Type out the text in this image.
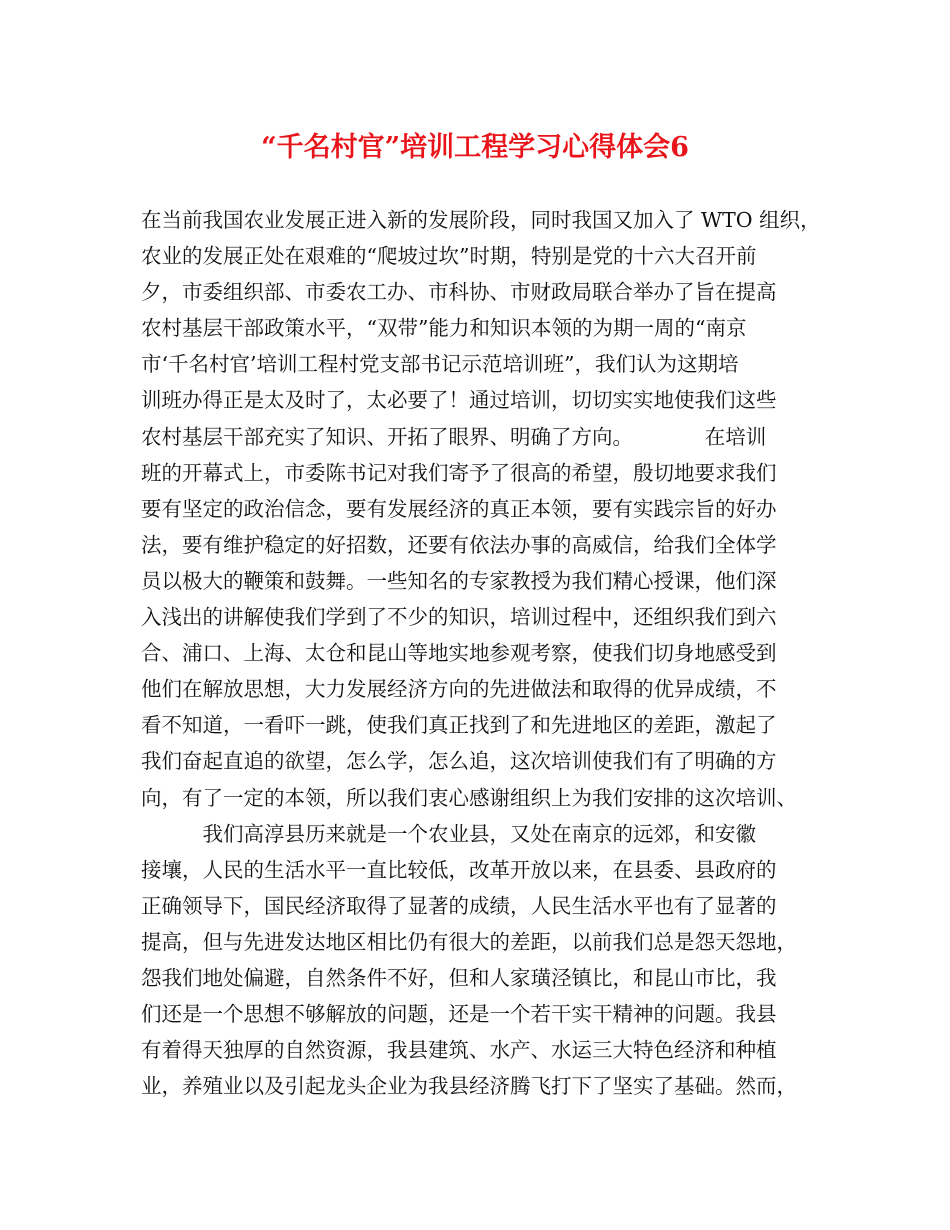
“千名村官”培训工程学习心得体会6
在当前我国农业发展正进入新的发展阶段，同时我国又加入了 WTO 组织，
农业的发展正处在艰难的“爬坡过坎”时期，特别是党的十六大召开前
夕，市委组织部、市委农工办、市科协、市财政局联合举办了旨在提高
农村基层干部政策水平，“双带”能力和知识本领的为期一周的“南京
市‘千名村官’培训工程村党支部书记示范培训班”，我们认为这期培
训班办得正是太及时了，太必要了！通过培训，切切实实地使我们这些
农村基层干部充实了知识、开拓了眼界、明确了方向。　　　　在培训
班的开幕式上，市委陈书记对我们寄予了很高的希望，殷切地要求我们
要有坚定的政治信念，要有发展经济的真正本领，要有实践宗旨的好办
法，要有维护稳定的好招数，还要有依法办事的高威信，给我们全体学
员以极大的鞭策和鼓舞。一些知名的专家教授为我们精心授课，他们深
入浅出的讲解使我们学到了不少的知识，培训过程中，还组织我们到六
合、浦口、上海、太仓和昆山等地实地参观考察，使我们切身地感受到
他们在解放思想，大力发展经济方向的先进做法和取得的优异成绩，不
看不知道，一看吓一跳，使我们真正找到了和先进地区的差距，激起了
我们奋起直追的欲望，怎么学，怎么追，这次培训使我们有了明确的方
向，有了一定的本领，所以我们衷心感谢组织上为我们安排的这次培训、
　　　我们高淳县历来就是一个农业县，又处在南京的远郊，和安徽
接壤，人民的生活水平一直比较低，改革开放以来，在县委、县政府的
正确领导下，国民经济取得了显著的成绩，人民生活水平也有了显著的
提高，但与先进发达地区相比仍有很大的差距，以前我们总是怨天怨地，
怨我们地处偏避，自然条件不好，但和人家璜泾镇比，和昆山市比，我
们还是一个思想不够解放的问题，还是一个若干实干精神的问题。我县
有着得天独厚的自然资源，我县建筑、水产、水运三大特色经济和种植
业，养殖业以及引起龙头企业为我县经济腾飞打下了坚实了基础。然而，
